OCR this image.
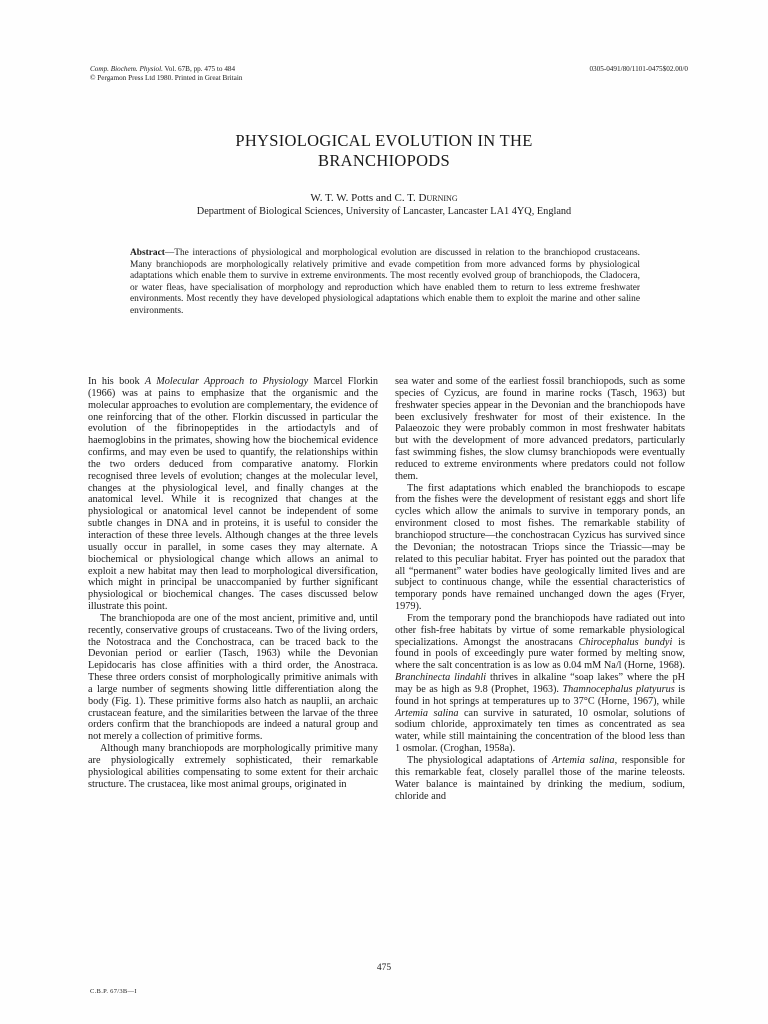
Comp. Biochem. Physiol. Vol. 67B, pp. 475 to 484
© Pergamon Press Ltd 1980. Printed in Great Britain
0305-0491/80/1101-0475$02.00/0
PHYSIOLOGICAL EVOLUTION IN THE
BRANCHIOPODS
W. T. W. Potts and C. T. Durning
Department of Biological Sciences, University of Lancaster, Lancaster LA1 4YQ, England

Abstract—The interactions of physiological and morphological evolution are discussed in relation to the branchiopod crustaceans. Many branchiopods are morphologically relatively primitive and evade competition from more advanced forms by physiological adaptations which enable them to survive in extreme environments. The most recently evolved group of branchiopods, the Cladocera, or water fleas, have specialisation of morphology and reproduction which have enabled them to return to less extreme freshwater environments. Most recently they have developed physiological adaptations which enable them to exploit the marine and other saline environments.

In his book A Molecular Approach to Physiology Marcel Florkin (1966) was at pains to emphasize that the organismic and the molecular approaches to evolution are complementary, the evidence of one reinforcing that of the other. Florkin discussed in particular the evolution of the fibrinopeptides in the artiodactyls and of haemoglobins in the primates, showing how the biochemical evidence confirms, and may even be used to quantify, the relationships within the two orders deduced from comparative anatomy. Florkin recognised three levels of evolution; changes at the molecular level, changes at the physiological level, and finally changes at the anatomical level. While it is recognized that changes at the physiological or anatomical level cannot be independent of some subtle changes in DNA and in proteins, it is useful to consider the interaction of these three levels. Although changes at the three levels usually occur in parallel, in some cases they may alternate. A biochemical or physiological change which allows an animal to exploit a new habitat may then lead to morphological diversification, which might in principal be unaccompanied by further significant physiological or biochemical changes. The cases discussed below illustrate this point.

The branchiopoda are one of the most ancient, primitive and, until recently, conservative groups of crustaceans. Two of the living orders, the Notostraca and the Conchostraca, can be traced back to the Devonian period or earlier (Tasch, 1963) while the Devonian Lepidocaris has close affinities with a third order, the Anostraca. These three orders consist of morphologically primitive animals with a large number of segments showing little differentiation along the body (Fig. 1). These primitive forms also hatch as nauplii, an archaic crustacean feature, and the similarities between the larvae of the three orders confirm that the branchiopods are indeed a natural group and not merely a collection of primitive forms.

Although many branchiopods are morphologically primitive many are physiologically extremely sophisticated, their remarkable physiological abilities compensating to some extent for their archaic structure. The crustacea, like most animal groups, originated in

sea water and some of the earliest fossil branchiopods, such as some species of Cyzicus, are found in marine rocks (Tasch, 1963) but freshwater species appear in the Devonian and the branchiopods have been exclusively freshwater for most of their existence. In the Palaeozoic they were probably common in most freshwater habitats but with the development of more advanced predators, particularly fast swimming fishes, the slow clumsy branchiopods were eventually reduced to extreme environments where predators could not follow them.

The first adaptations which enabled the branchiopods to escape from the fishes were the development of resistant eggs and short life cycles which allow the animals to survive in temporary ponds, an environment closed to most fishes. The remarkable stability of branchiopod structure—the conchostracan Cyzicus has survived since the Devonian; the notostracan Triops since the Triassic—may be related to this peculiar habitat. Fryer has pointed out the paradox that all “permanent” water bodies have geologically limited lives and are subject to continuous change, while the essential characteristics of temporary ponds have remained unchanged down the ages (Fryer, 1979).

From the temporary pond the branchiopods have radiated out into other fish-free habitats by virtue of some remarkable physiological specializations. Amongst the anostracans Chirocephalus bundyi is found in pools of exceedingly pure water formed by melting snow, where the salt concentration is as low as 0.04 mM Na/l (Horne, 1968). Branchinecta lindahli thrives in alkaline “soap lakes” where the pH may be as high as 9.8 (Prophet, 1963). Thamnocephalus platyurus is found in hot springs at temperatures up to 37°C (Horne, 1967), while Artemia salina can survive in saturated, 10 osmolar, solutions of sodium chloride, approximately ten times as concentrated as sea water, while still maintaining the concentration of the blood less than 1 osmolar. (Croghan, 1958a).

The physiological adaptations of Artemia salina, responsible for this remarkable feat, closely parallel those of the marine teleosts. Water balance is maintained by drinking the medium, sodium, chloride and

475
C.B.P. 67/3B—I
